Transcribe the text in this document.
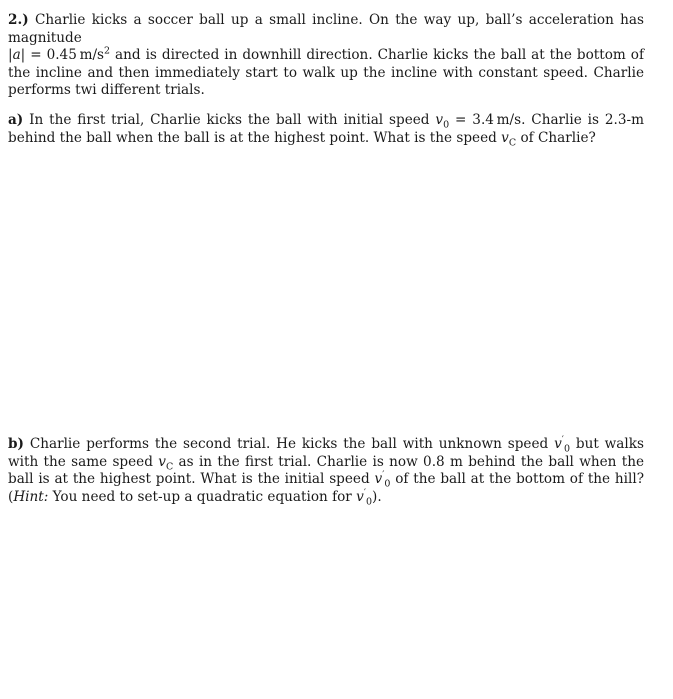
2.) Charlie kicks a soccer ball up a small incline. On the way up, ball’s acceleration has magnitude
|a| = 0.45  $m/s^2$ and is directed in downhill direction. Charlie kicks the ball at the bottom of the incline and then immediately start to walk up the incline with constant speed. Charlie performs twi different trials.

a) In the first trial, Charlie kicks the ball with initial speed $v_0 = 3.4$  m/s. Charlie is 2.3-m behind the ball when the ball is at the highest point. What is the speed $v_C$ of Charlie?

b) Charlie performs the second trial. He kicks the ball with unknown speed $v'_0$ but walks with the same speed $v_C$ as in the first trial. Charlie is now 0.8 m behind the ball when the ball is at the highest point. What is the initial speed $v'_0$ of the ball at the bottom of the hill? (Hint: You need to set-up a quadratic equation for $v'_0$).
